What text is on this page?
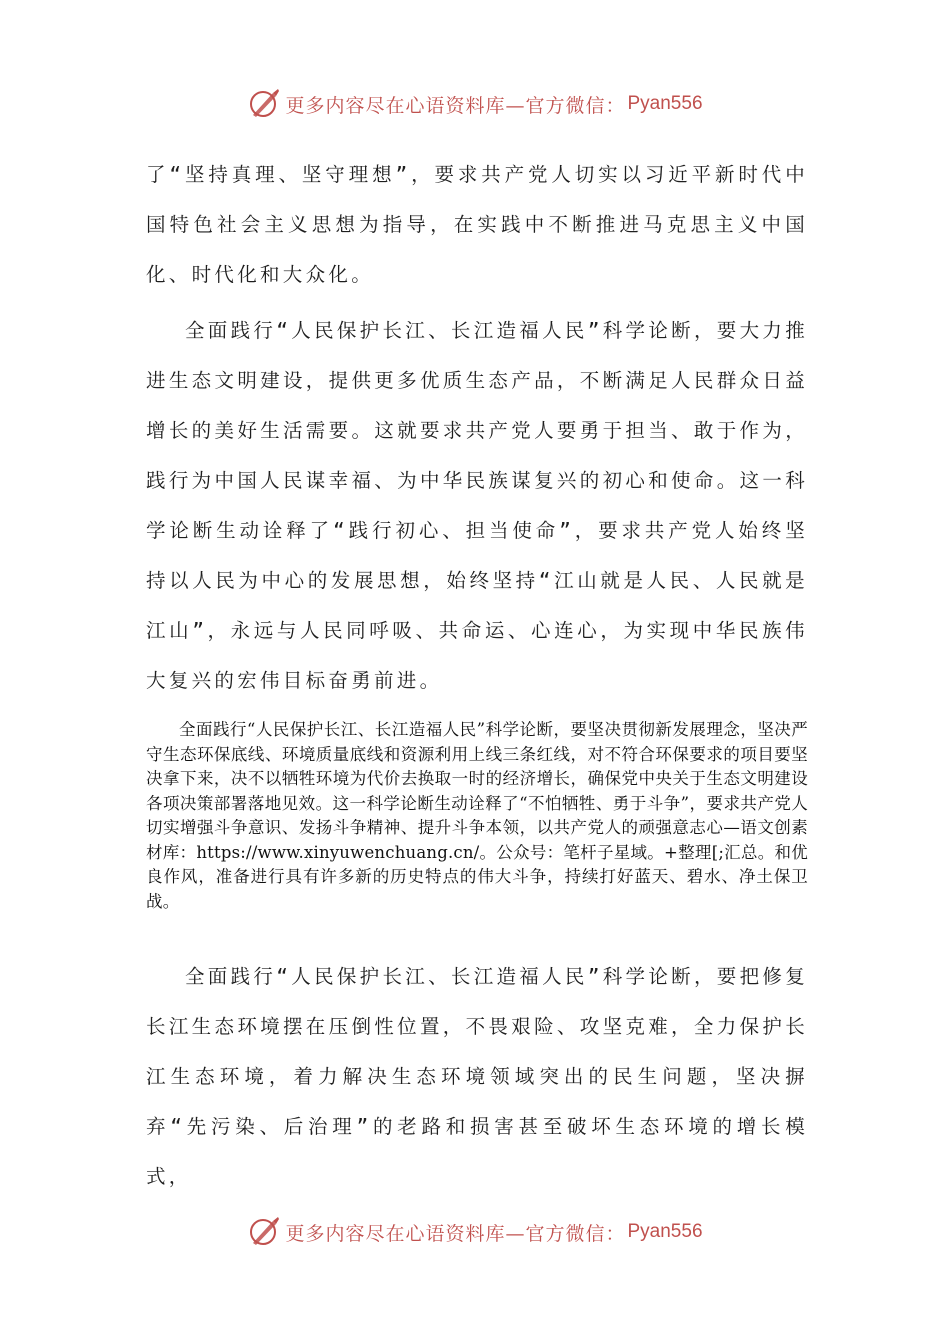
更多内容尽在心语资料库—官方微信： Pyan556

了“坚持真理、坚守理想”，要求共产党人切实以习近平新时代中国特色社会主义思想为指导，在实践中不断推进马克思主义中国化、时代化和大众化。

全面践行“人民保护长江、长江造福人民”科学论断，要大力推进生态文明建设，提供更多优质生态产品，不断满足人民群众日益增长的美好生活需要。这就要求共产党人要勇于担当、敢于作为，践行为中国人民谋幸福、为中华民族谋复兴的初心和使命。这一科学论断生动诠释了“践行初心、担当使命”，要求共产党人始终坚持以人民为中心的发展思想，始终坚持“江山就是人民、人民就是江山”，永远与人民同呼吸、共命运、心连心，为实现中华民族伟大复兴的宏伟目标奋勇前进。

全面践行“人民保护长江、长江造福人民”科学论断，要坚决贯彻新发展理念，坚决严守生态环保底线、环境质量底线和资源利用上线三条红线，对不符合环保要求的项目要坚决拿下来，决不以牺牲环境为代价去换取一时的经济增长，确保党中央关于生态文明建设各项决策部署落地见效。这一科学论断生动诠释了“不怕牺牲、勇于斗争”，要求共产党人切实增强斗争意识、发扬斗争精神、提升斗争本领，以共产党人的顽强意志心—语文创素材库：https://www.xinyuwenchuang.cn/。公众号：笔杆子星域。+整理[;汇总。和优良作风，准备进行具有许多新的历史特点的伟大斗争，持续打好蓝天、碧水、净土保卫战。

全面践行“人民保护长江、长江造福人民”科学论断，要把修复长江生态环境摆在压倒性位置，不畏艰险、攻坚克难，全力保护长江生态环境，着力解决生态环境领域突出的民生问题，坚决摒弃“先污染、后治理”的老路和损害甚至破坏生态环境的增长模式，

更多内容尽在心语资料库—官方微信： Pyan556
